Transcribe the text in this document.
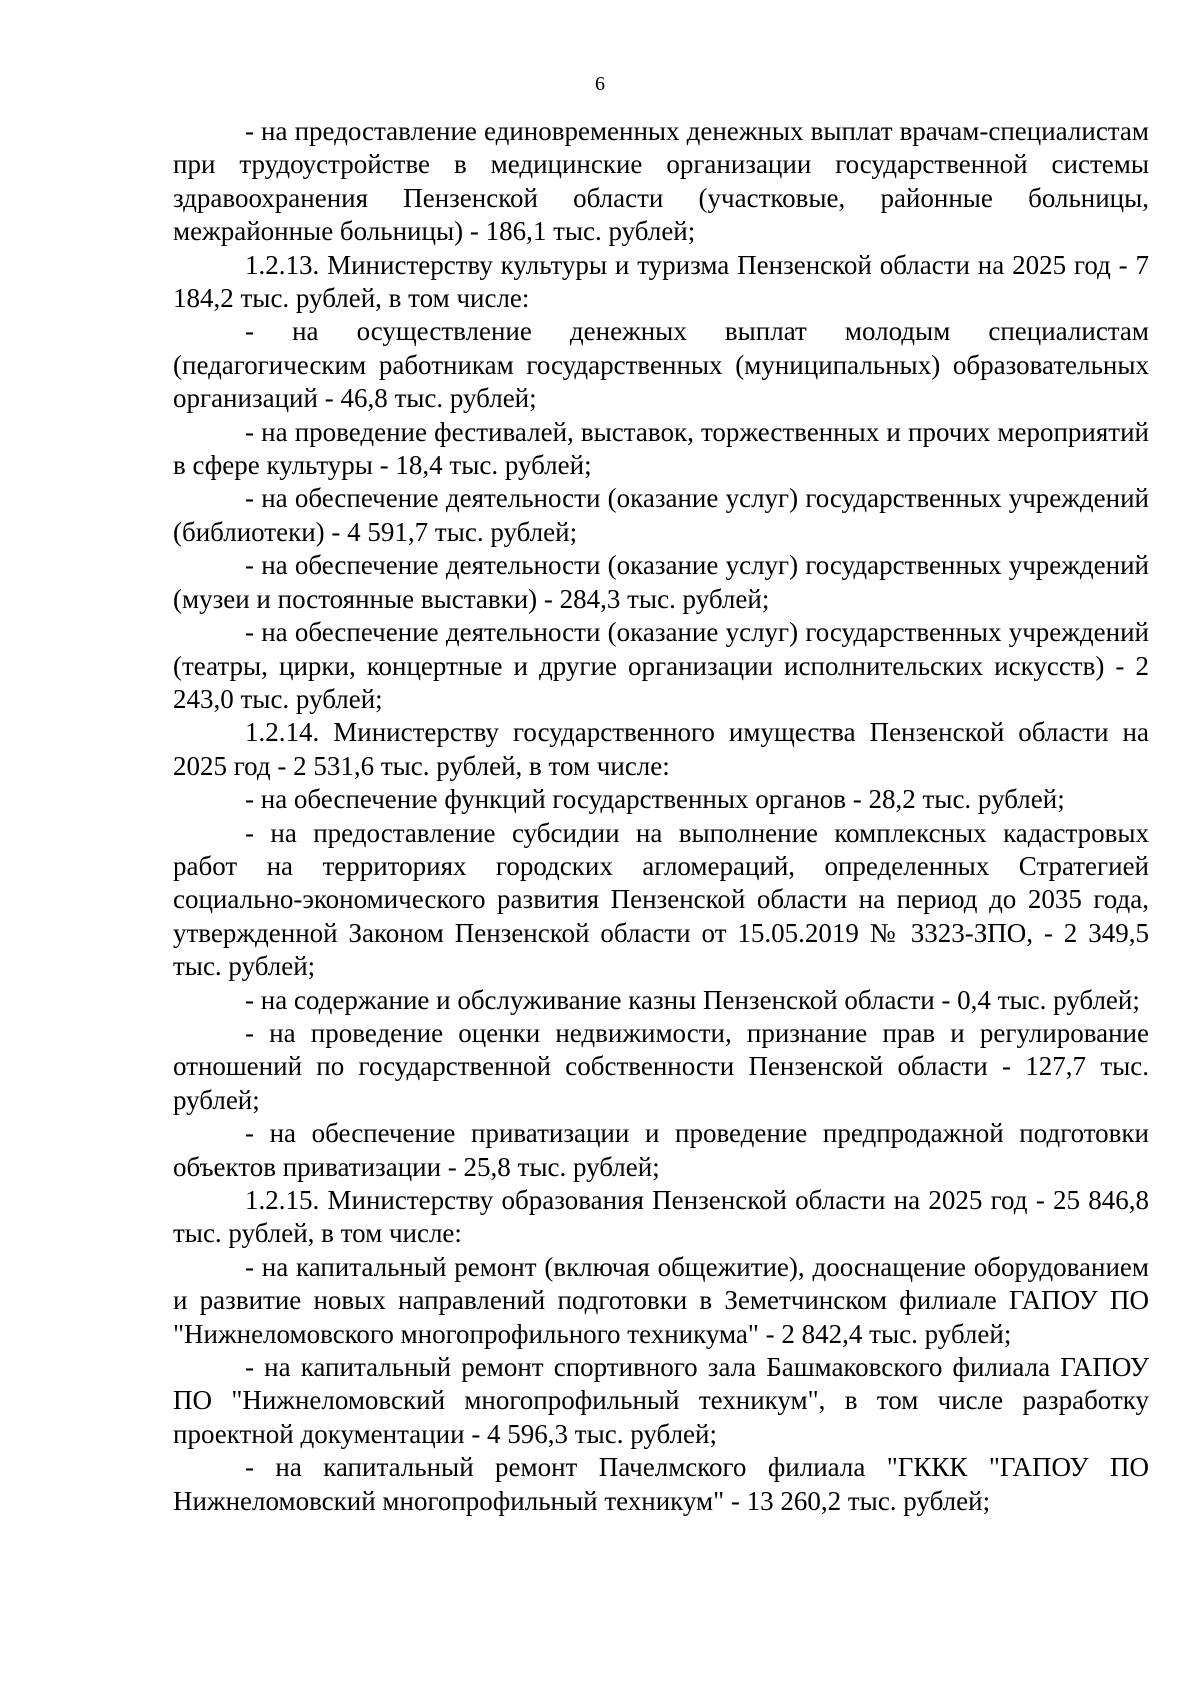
6

- на предоставление единовременных денежных выплат врачам-специалистам при трудоустройстве в медицинские организации государственной системы здравоохранения Пензенской области (участковые, районные больницы, межрайонные больницы) - 186,1 тыс. рублей;

1.2.13. Министерству культуры и туризма Пензенской области на 2025 год - 7 184,2 тыс. рублей, в том числе:

- на осуществление денежных выплат молодым специалистам (педагогическим работникам государственных (муниципальных) образовательных организаций - 46,8 тыс. рублей;

- на проведение фестивалей, выставок, торжественных и прочих мероприятий в сфере культуры - 18,4 тыс. рублей;

- на обеспечение деятельности (оказание услуг) государственных учреждений (библиотеки) - 4 591,7 тыс. рублей;

- на обеспечение деятельности (оказание услуг) государственных учреждений (музеи и постоянные выставки) - 284,3 тыс. рублей;

- на обеспечение деятельности (оказание услуг) государственных учреждений (театры, цирки, концертные и другие организации исполнительских искусств) - 2 243,0 тыс. рублей;

1.2.14. Министерству государственного имущества Пензенской области на 2025 год - 2 531,6 тыс. рублей, в том числе:

- на обеспечение функций государственных органов - 28,2 тыс. рублей;

- на предоставление субсидии на выполнение комплексных кадастровых работ на территориях городских агломераций, определенных Стратегией социально-экономического развития Пензенской области на период до 2035 года, утвержденной Законом Пензенской области от 15.05.2019 № 3323-ЗПО, - 2 349,5 тыс. рублей;

- на содержание и обслуживание казны Пензенской области - 0,4 тыс. рублей;

- на проведение оценки недвижимости, признание прав и регулирование отношений по государственной собственности Пензенской области - 127,7 тыс. рублей;

- на обеспечение приватизации и проведение предпродажной подготовки объектов приватизации - 25,8 тыс. рублей;

1.2.15. Министерству образования Пензенской области на 2025 год - 25 846,8 тыс. рублей, в том числе:

- на капитальный ремонт (включая общежитие), дооснащение оборудованием и развитие новых направлений подготовки в Земетчинском филиале ГАПОУ ПО "Нижнеломовского многопрофильного техникума" - 2 842,4 тыс. рублей;

- на капитальный ремонт спортивного зала Башмаковского филиала ГАПОУ ПО "Нижнеломовский многопрофильный техникум", в том числе разработку проектной документации - 4 596,3 тыс. рублей;

- на капитальный ремонт Пачелмского филиала "ГККК "ГАПОУ ПО Нижнеломовский многопрофильный техникум" - 13 260,2 тыс. рублей;
